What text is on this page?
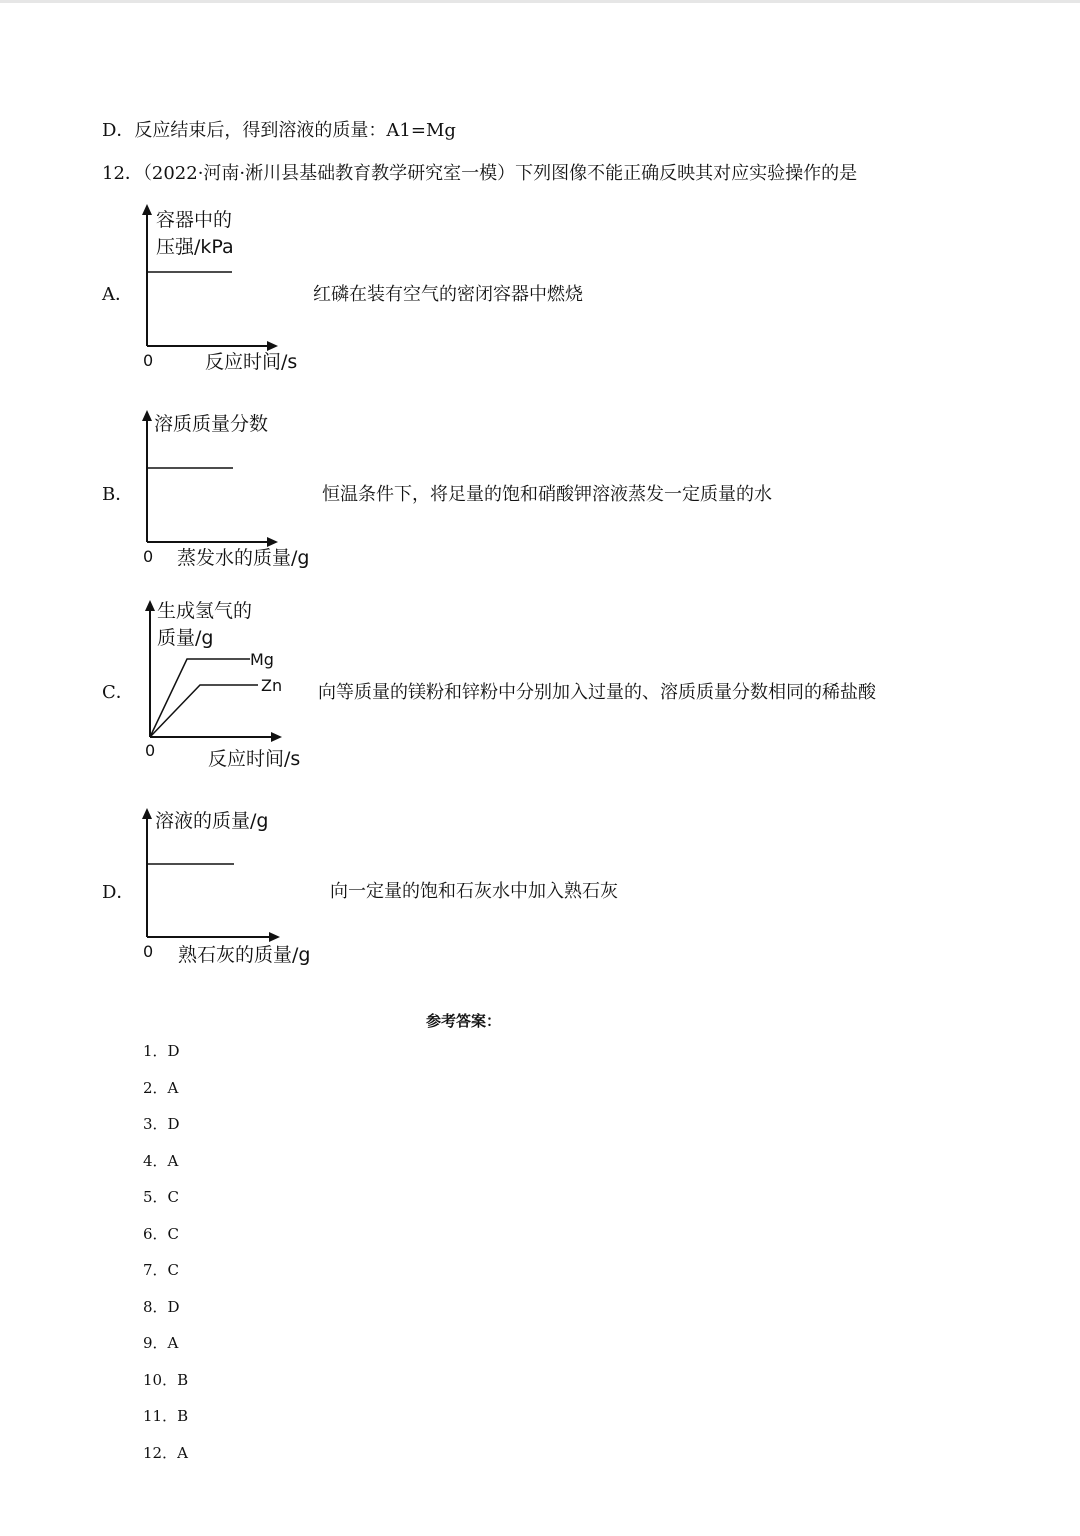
D．反应结束后，得到溶液的质量：A1=Mg
12．（2022·河南·淅川县基础教育教学研究室一模）下列图像不能正确反映其对应实验操作的是
A．
容器中的
压强/kPa
0	反应时间/s
红磷在装有空气的密闭容器中燃烧
B．
溶质质量分数
0 蒸发水的质量/g
恒温条件下，将足量的饱和硝酸钾溶液蒸发一定质量的水
C．
生成氢气的
质量/g
Mg
Zn
0	反应时间/s
向等质量的镁粉和锌粉中分别加入过量的、溶质质量分数相同的稀盐酸
D．
溶液的质量/g
0 熟石灰的质量/g
向一定量的饱和石灰水中加入熟石灰
参考答案：
1．D
2．A
3．D
4．A
5．C
6．C
7．C
8．D
9．A
10．B
11．B
12．A
